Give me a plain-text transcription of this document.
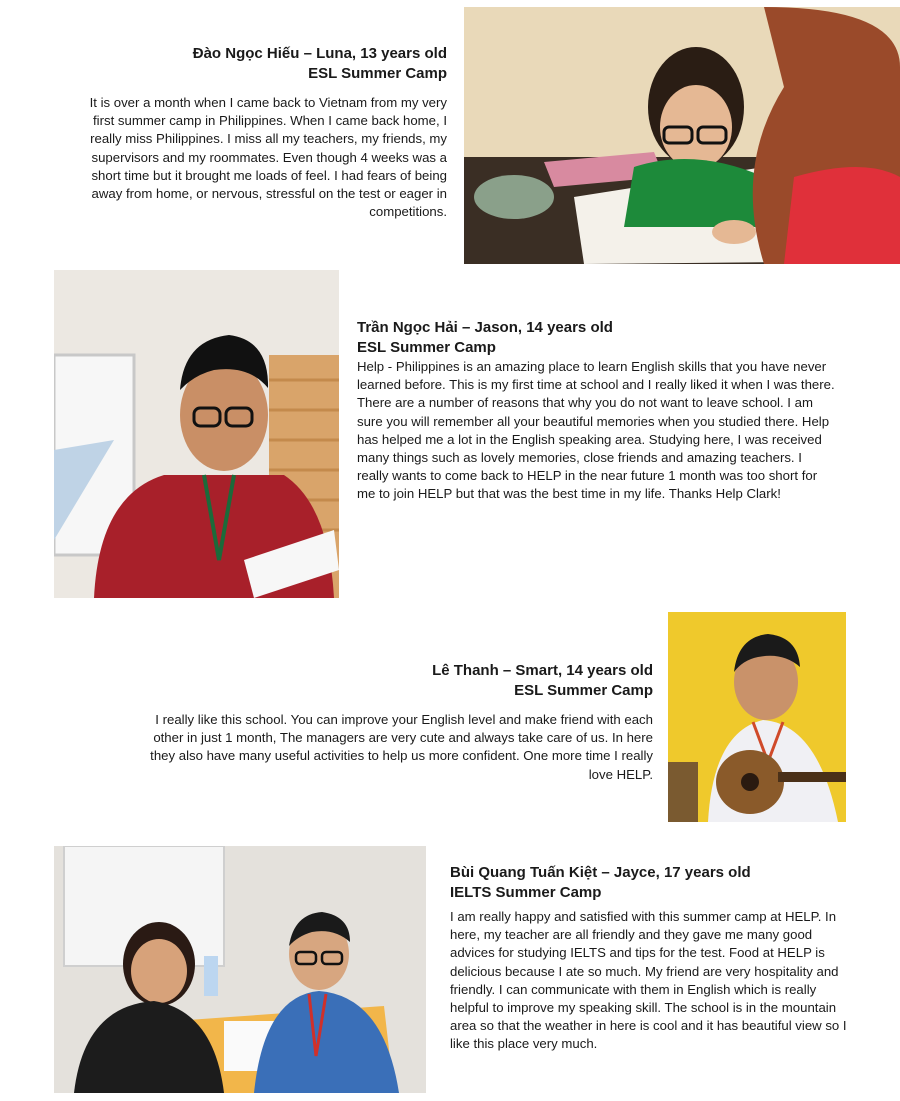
Đào Ngọc Hiếu – Luna, 13 years old

ESL Summer Camp

It is over a month when I came back to Vietnam from my very first summer camp in Philippines. When I came back home, I really miss Philippines. I miss all my teachers, my friends, my supervisors and my roommates. Even though 4 weeks was a short time but it brought me loads of feel. I had fears of being away from home, or nervous, stressful on the test or eager in competitions.

Trần Ngọc Hải – Jason, 14 years old

ESL Summer Camp

Help - Philippines is an amazing place to learn English skills that you have never learned before. This is my first time at school and I really liked it when I was there. There are a number of reasons that why you do not want to leave school. I am sure you will remember all your beautiful memories when you studied there. Help has helped me a lot in the English speaking area. Studying here, I was received many things such as lovely memories, close friends and amazing teachers. I really wants to come back to HELP in the near future 1 month was too short for me to join HELP but that was the best time in my life. Thanks Help Clark!

Lê Thanh – Smart, 14 years old

ESL Summer Camp

I really like this school. You can improve your English level and make friend with each other in just 1 month, The managers are very cute and always take care of us. In here they also have many useful activities to help us more confident. One more time I really love HELP.

Bùi Quang Tuấn Kiệt – Jayce, 17 years old

IELTS Summer Camp

I am really happy and satisfied with this summer camp at HELP. In here, my teacher are all friendly and they gave me many good advices for studying IELTS and tips for the test. Food at HELP is delicious because I ate so much. My friend are very hospitality and friendly. I can communicate with them in English which is really helpful to improve my speaking skill. The school is in the mountain area so that the weather in here is cool and it has beautiful view so I like this place very much.
